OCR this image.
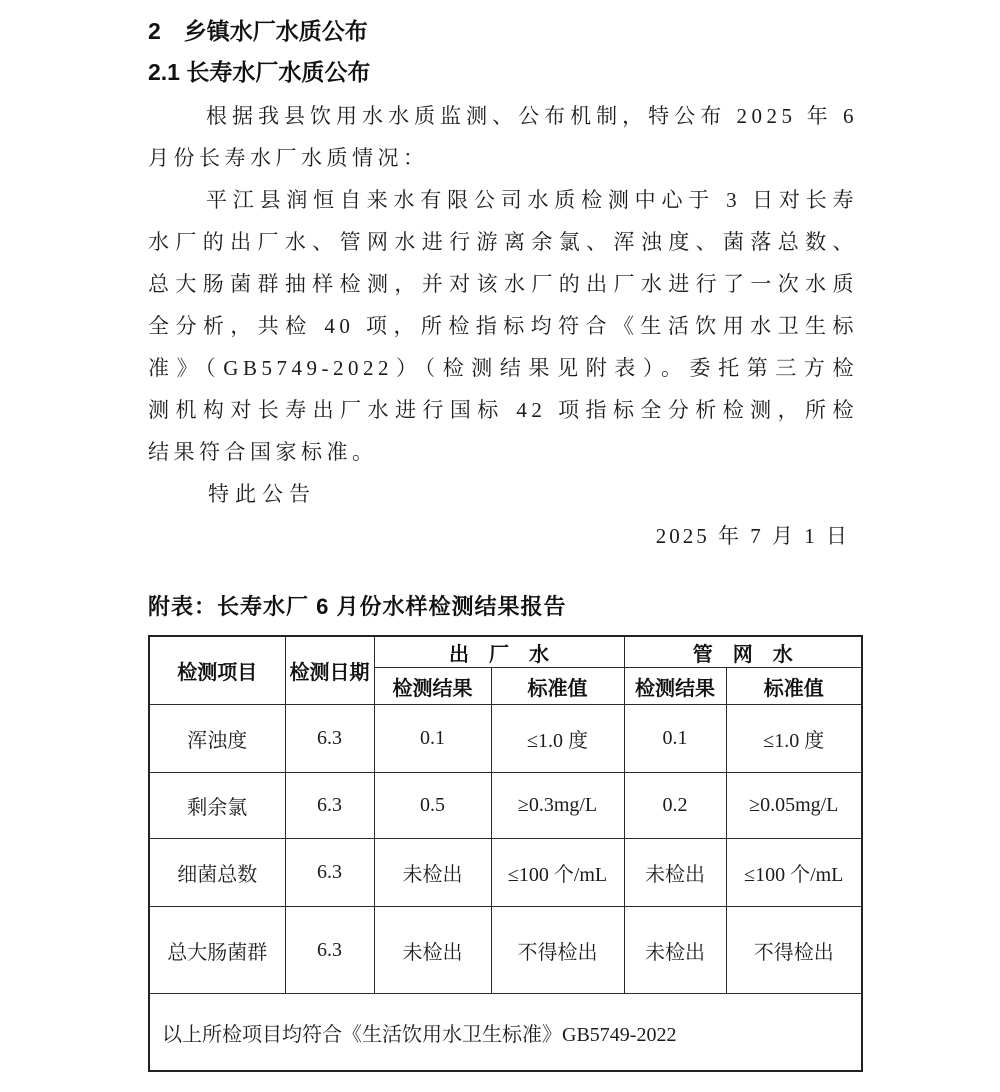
2　乡镇水厂水质公布
2.1 长寿水厂水质公布
根据我县饮用水水质监测、公布机制，特公布 2025 年 6
月份长寿水厂水质情况：
平江县润恒自来水有限公司水质检测中心于 3 日对长寿
水厂的出厂水、管网水进行游离余氯、浑浊度、菌落总数、
总大肠菌群抽样检测，并对该水厂的出厂水进行了一次水质
全分析，共检 40 项，所检指标均符合《生活饮用水卫生标
准》（GB5749-2022）（检测结果见附表）。委托第三方检
测机构对长寿出厂水进行国标 42 项指标全分析检测，所检
结果符合国家标准。
特此公告
2025 年 7 月 1 日
附表：长寿水厂 6 月份水样检测结果报告
检测项目	检测日期	出　厂　水		管　网　水	
		检测结果	标准值	检测结果	标准值
浑浊度	6.3	0.1	≤1.0 度	0.1	≤1.0 度
剩余氯	6.3	0.5	≥0.3mg/L	0.2	≥0.05mg/L
细菌总数	6.3	未检出	≤100 个/mL	未检出	≤100 个/mL
总大肠菌群	6.3	未检出	不得检出	未检出	不得检出
以上所检项目均符合《生活饮用水卫生标准》GB5749-2022					
